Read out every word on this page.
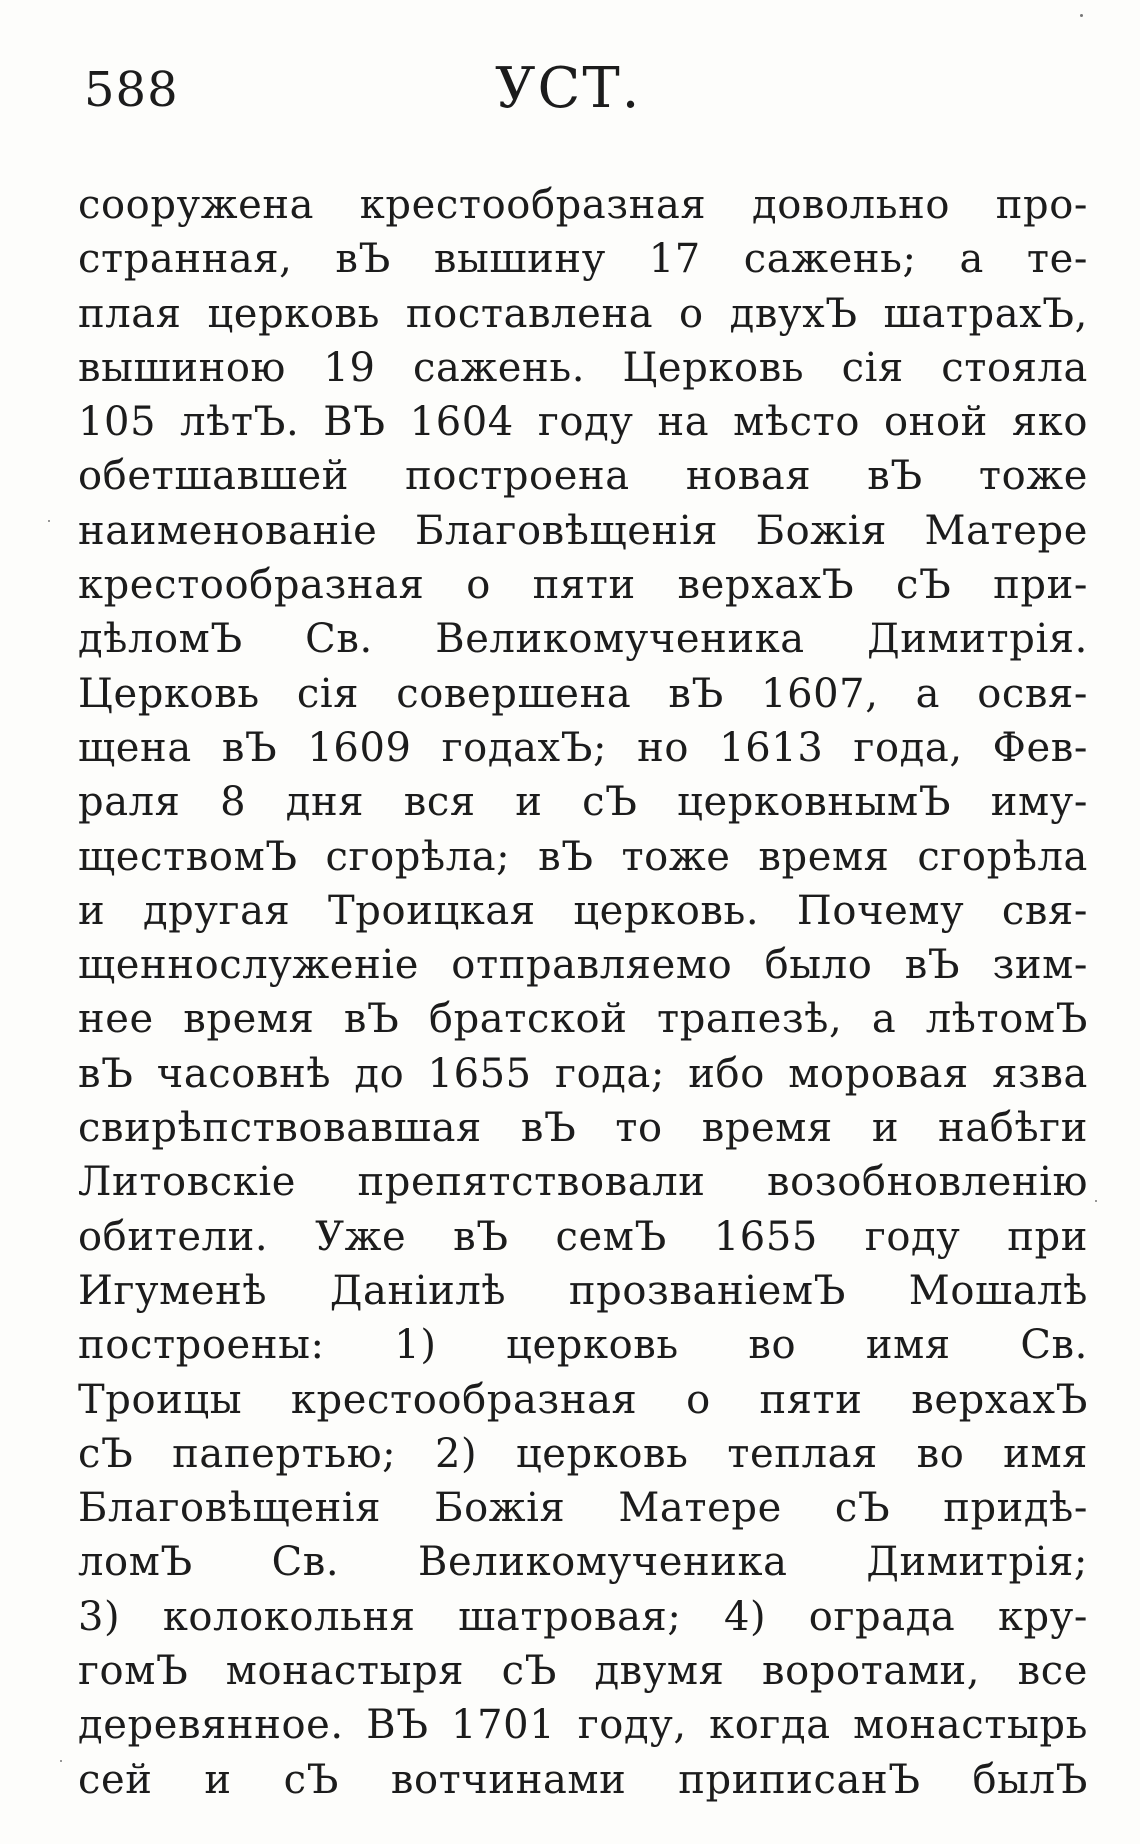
588	УСТ.
сооружена крестообразная довольно про-
странная, вЪ вышину 17 сажень; а те-
плая церковь поставлена о двухЪ шатрахЪ,
вышиною 19 сажень. Церковь сія стояла
105 лѣтЪ. ВЪ 1604 году на мѣсто оной яко
обетшавшей построена новая вЪ тоже
наименованіе Благовѣщенія Божія Матере
крестообразная о пяти верхахЪ сЪ при-
дѣломЪ Св. Великомученика Димитрія.
Церковь сія совершена вЪ 1607, а освя-
щена вЪ 1609 годахЪ; но 1613 года, Фев-
раля 8 дня вся и сЪ церковнымЪ иму-
ществомЪ сгорѣла; вЪ тоже время сгорѣла
и другая Троицкая церковь. Почему свя-
щеннослуженіе отправляемо было вЪ зим-
нее время вЪ братской трапезѣ, а лѣтомЪ
вЪ часовнѣ до 1655 года; ибо моровая язва
свирѣпствовавшая вЪ то время и набѣги
Литовскіе препятствовали возобновленію
обители. Уже вЪ семЪ 1655 году при
Игуменѣ Даніилѣ прозваніемЪ Мошалѣ
построены: 1) церковь во имя Св.
Троицы крестообразная о пяти верхахЪ
сЪ папертью; 2) церковь теплая во имя
Благовѣщенія Божія Матере сЪ придѣ-
ломЪ Св. Великомученика Димитрія;
3) колокольня шатровая; 4) ограда кру-
гомЪ монастыря сЪ двумя воротами, все
деревянное. ВЪ 1701 году, когда монастырь
сей и сЪ вотчинами приписанЪ былЪ
